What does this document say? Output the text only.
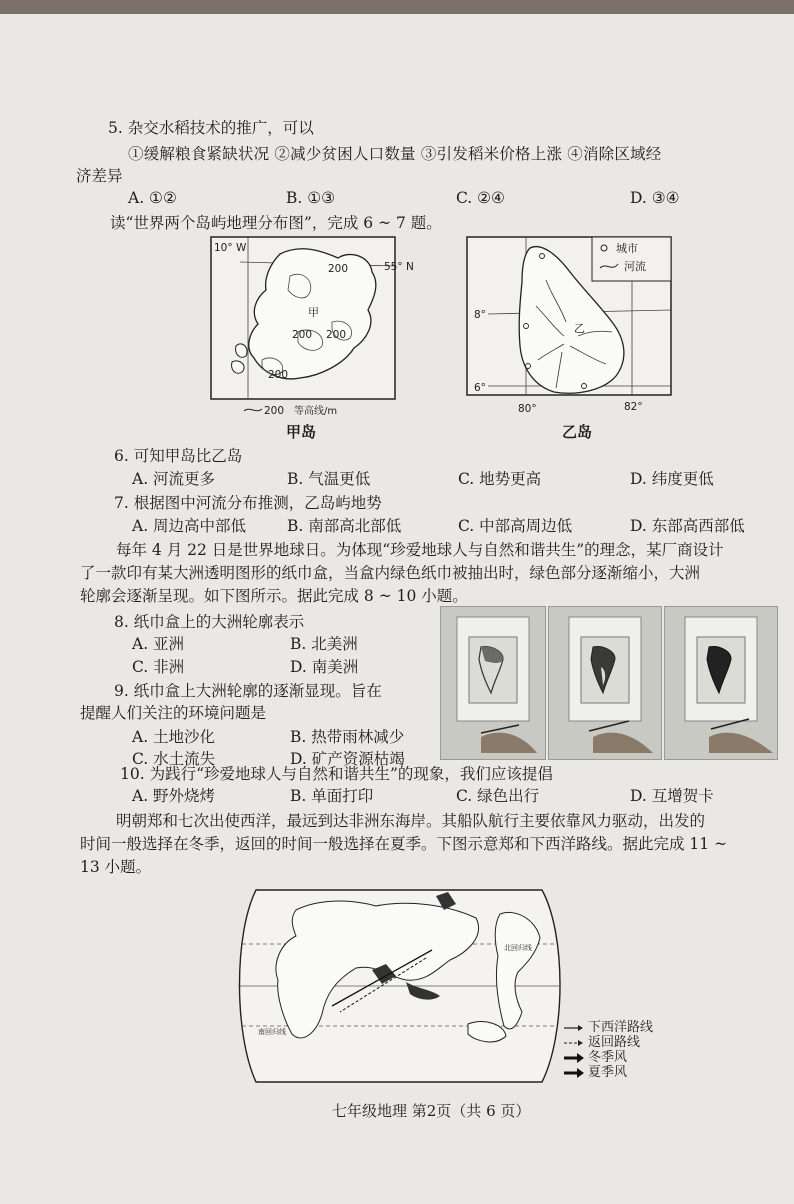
5. 杂交水稻技术的推广，可以
①缓解粮食紧缺状况 ②减少贫困人口数量 ③引发稻米价格上涨 ④消除区域经
济差异
A. ①②	B. ①③	C. ②④	D. ③④
读“世界两个岛屿地理分布图”，完成 6 ~ 7 题。
10° W
55° N
200
200 200
200
甲
200 等高线/m
甲岛
城市
河流
乙
8°
6°
80°	82°
乙岛
6. 可知甲岛比乙岛
A. 河流更多	B. 气温更低	C. 地势更高	D. 纬度更低
7. 根据图中河流分布推测，乙岛屿地势
A. 周边高中部低	B. 南部高北部低	C. 中部高周边低	D. 东部高西部低
每年 4 月 22 日是世界地球日。为体现“珍爱地球人与自然和谐共生”的理念，某厂商设计
了一款印有某大洲透明图形的纸巾盒，当盒内绿色纸巾被抽出时，绿色部分逐渐缩小，大洲
轮廓会逐渐呈现。如下图所示。据此完成 8 ~ 10 小题。
8. 纸巾盒上的大洲轮廓表示
A. 亚洲	B. 北美洲
C. 非洲	D. 南美洲
9. 纸巾盒上大洲轮廓的逐渐显现。旨在
提醒人们关注的环境问题是
A. 土地沙化	B. 热带雨林减少
C. 水土流失	D. 矿产资源枯竭
10. 为践行“珍爱地球人与自然和谐共生”的现象，我们应该提倡
A. 野外烧烤	B. 单面打印	C. 绿色出行	D. 互增贺卡
明朝郑和七次出使西洋，最远到达非洲东海岸。其船队航行主要依靠风力驱动，出发的
时间一般选择在冬季，返回的时间一般选择在夏季。下图示意郑和下西洋路线。据此完成 11 ~
13 小题。
北回归线
南回归线	下西洋路线
返回路线
冬季风
夏季风
七年级地理 第2页（共 6 页）
